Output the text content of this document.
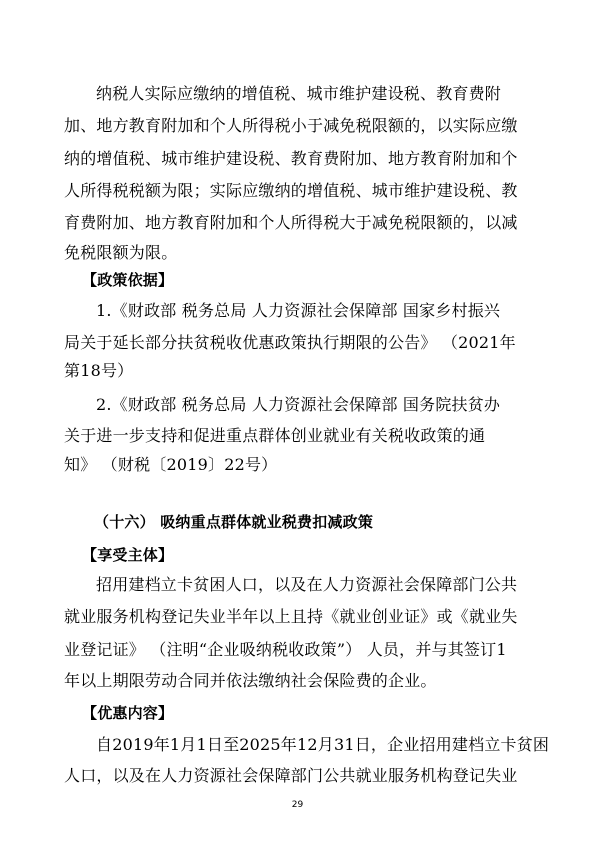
纳税人实际应缴纳的增值税、城市维护建设税、教育费附
加、地方教育附加和个人所得税小于减免税限额的，以实际应缴
纳的增值税、城市维护建设税、教育费附加、地方教育附加和个
人所得税税额为限；实际应缴纳的增值税、城市维护建设税、教
育费附加、地方教育附加和个人所得税大于减免税限额的，以减
免税限额为限。
【政策依据】
1.《财政部 税务总局 人力资源社会保障部 国家乡村振兴
局关于延长部分扶贫税收优惠政策执行期限的公告》 （2021年
第18号）
2.《财政部 税务总局 人力资源社会保障部 国务院扶贫办
关于进一步支持和促进重点群体创业就业有关税收政策的通
知》 （财税〔2019〕22号）
（十六） 吸纳重点群体就业税费扣减政策
【享受主体】
招用建档立卡贫困人口，以及在人力资源社会保障部门公共
就业服务机构登记失业半年以上且持《就业创业证》或《就业失
业登记证》 （注明“企业吸纳税收政策”） 人员，并与其签订1
年以上期限劳动合同并依法缴纳社会保险费的企业。
【优惠内容】
自2019年1月1日至2025年12月31日，企业招用建档立卡贫困
人口，以及在人力资源社会保障部门公共就业服务机构登记失业
29
